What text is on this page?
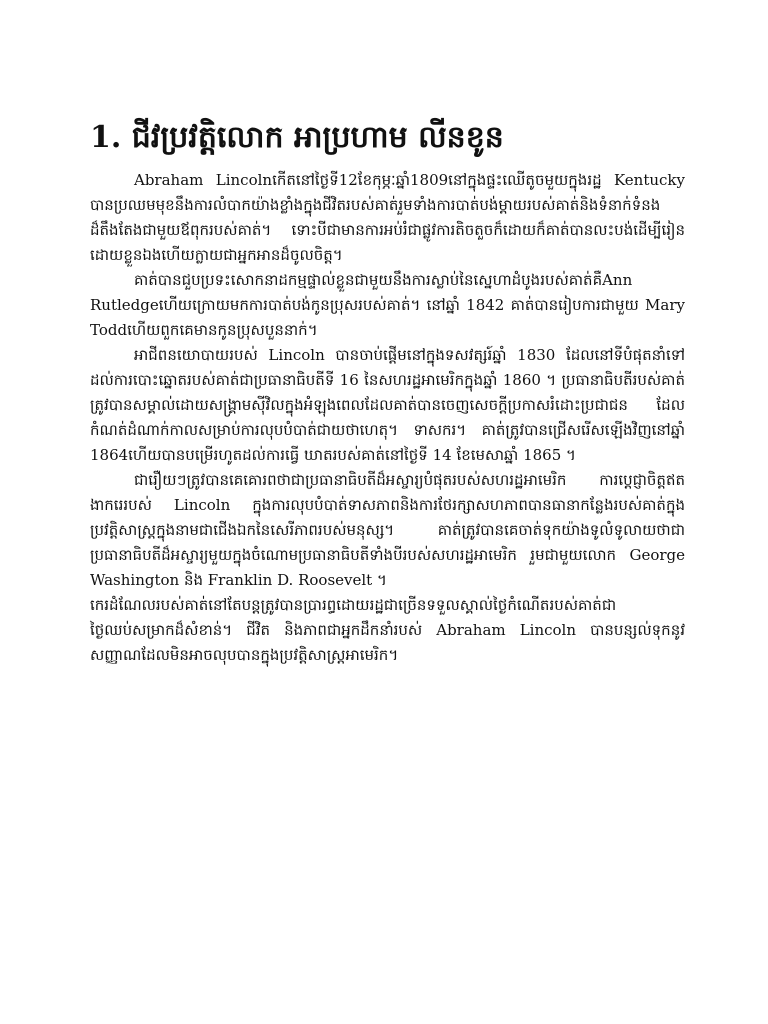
1. ជីវប្រវត្តិលោក អាប្រហាម លីនខូន

Abraham Lincolnកើតនៅថ្ងៃទី12ខែកុម្ភៈឆ្នាំ1809នៅក្នុងផ្ទះឈើតូចមួយក្នុងរដ្ឋ Kentucky បានប្រឈមមុខនឹងការលំបាកយ៉ាងខ្លាំងក្នុងជីវិតរបស់គាត់រួមទាំងការបាត់បង់ម្ដាយរបស់គាត់និងទំនាក់ទំនងដ៏តឹងតែងជាមួយឪពុករបស់គាត់។ ទោះបីជាមានការអប់រំជាផ្លូវការតិចតួចក៏ដោយក៏គាត់បានលះបង់ដើម្បីរៀនដោយខ្លួនឯងហើយក្លាយជាអ្នកអានដ៏ចូលចិត្ត។

គាត់បានជួបប្រទះសោកនាដកម្មផ្ទាល់ខ្លួនជាមួយនឹងការស្លាប់នៃស្នេហាដំបូងរបស់គាត់គឺAnn Rutledgeហើយក្រោយមកការបាត់បង់កូនប្រុសរបស់គាត់។ នៅឆ្នាំ 1842 គាត់បានរៀបការជាមួយ Mary Toddហើយពួកគេមានកូនប្រុសបួននាក់។

អាជីពនយោបាយរបស់ Lincoln បានចាប់ផ្ដើមនៅក្នុងទសវត្សរ៍ឆ្នាំ 1830 ដែលនៅទីបំផុតនាំទៅដល់ការបោះឆ្នោតរបស់គាត់ជាប្រធានាធិបតីទី 16 នៃសហរដ្ឋអាមេរិកក្នុងឆ្នាំ 1860 ។ ប្រធានាធិបតីរបស់គាត់ត្រូវបានសម្គាល់ដោយសង្គ្រាមស៊ីវិលក្នុងអំឡុងពេលដែលគាត់បានចេញសេចក្ដីប្រកាសរំដោះប្រជាជន ដែលកំណត់ដំណាក់កាលសម្រាប់ការលុបបំបាត់ជាយថាហេតុ។ ទាសករ។ គាត់ត្រូវបានជ្រើសរើសឡើងវិញនៅឆ្នាំ 1864ហើយបានបម្រើរហូតដល់ការធ្វើ ឃាតរបស់គាត់នៅថ្ងៃទី 14 ខែមេសាឆ្នាំ 1865 ។

ជារឿយៗត្រូវបានគេគោរពថាជាប្រធានាធិបតីដ៏អស្ចារ្យបំផុតរបស់សហរដ្ឋអាមេរិក ការប្ដេជ្ញាចិត្តឥតងាករេរបស់ Lincoln ក្នុងការលុបបំបាត់ទាសភាពនិងការថែរក្សាសហភាពបានធានាកន្លែងរបស់គាត់ក្នុងប្រវត្តិសាស្ត្រក្នុងនាមជាជើងឯកនៃសេរីភាពរបស់មនុស្ស។ គាត់ត្រូវបានគេចាត់ទុកយ៉ាងទូលំទូលាយថាជាប្រធានាធិបតីដ៏អស្ចារ្យមួយក្នុងចំណោមប្រធានាធិបតីទាំងបីរបស់សហរដ្ឋអាមេរិក រួមជាមួយលោក George Washington និង Franklin D. Roosevelt ។

កេរដំណែលរបស់គាត់នៅតែបន្តត្រូវបានប្រារព្ធដោយរដ្ឋជាច្រើនទទួលស្គាល់ថ្ងៃកំណើតរបស់គាត់ជាថ្ងៃឈប់សម្រាកដ៏សំខាន់។ ជីវិត និងភាពជាអ្នកដឹកនាំរបស់ Abraham Lincoln បានបន្សល់ទុកនូវសញ្ញាណដែលមិនអាចលុបបានក្នុងប្រវត្តិសាស្ត្រអាមេរិក។
